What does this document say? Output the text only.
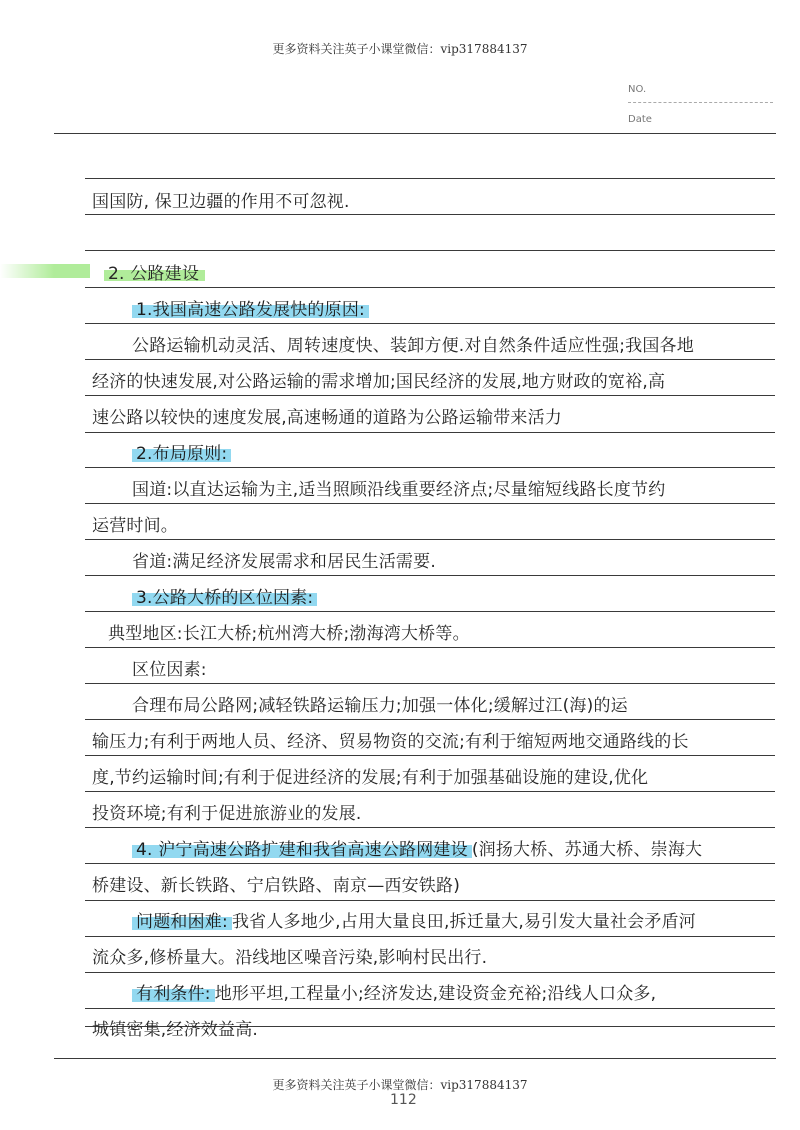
更多资料关注英子小课堂微信：vip317884137
NO.
Date
国国防, 保卫边疆的作用不可忽视.
2. 公路建设
1.我国高速公路发展快的原因:
公路运输机动灵活、周转速度快、装卸方便.对自然条件适应性强;我国各地
经济的快速发展,对公路运输的需求增加;国民经济的发展,地方财政的宽裕,高
速公路以较快的速度发展,高速畅通的道路为公路运输带来活力
2.布局原则:
国道:以直达运输为主,适当照顾沿线重要经济点;尽量缩短线路长度节约
运营时间。
省道:满足经济发展需求和居民生活需要.
3.公路大桥的区位因素:
典型地区:长江大桥;杭州湾大桥;渤海湾大桥等。
区位因素:
合理布局公路网;减轻铁路运输压力;加强一体化;缓解过江(海)的运
输压力;有利于两地人员、经济、贸易物资的交流;有利于缩短两地交通路线的长
度,节约运输时间;有利于促进经济的发展;有利于加强基础设施的建设,优化
投资环境;有利于促进旅游业的发展.
4. 沪宁高速公路扩建和我省高速公路网建设 (润扬大桥、苏通大桥、崇海大
桥建设、新长铁路、宁启铁路、南京—西安铁路)
问题和困难: 我省人多地少,占用大量良田,拆迁量大,易引发大量社会矛盾河
流众多,修桥量大。沿线地区噪音污染,影响村民出行.
有利条件: 地形平坦,工程量小;经济发达,建设资金充裕;沿线人口众多,
城镇密集,经济效益高.
更多资料关注英子小课堂微信：vip317884137
112
